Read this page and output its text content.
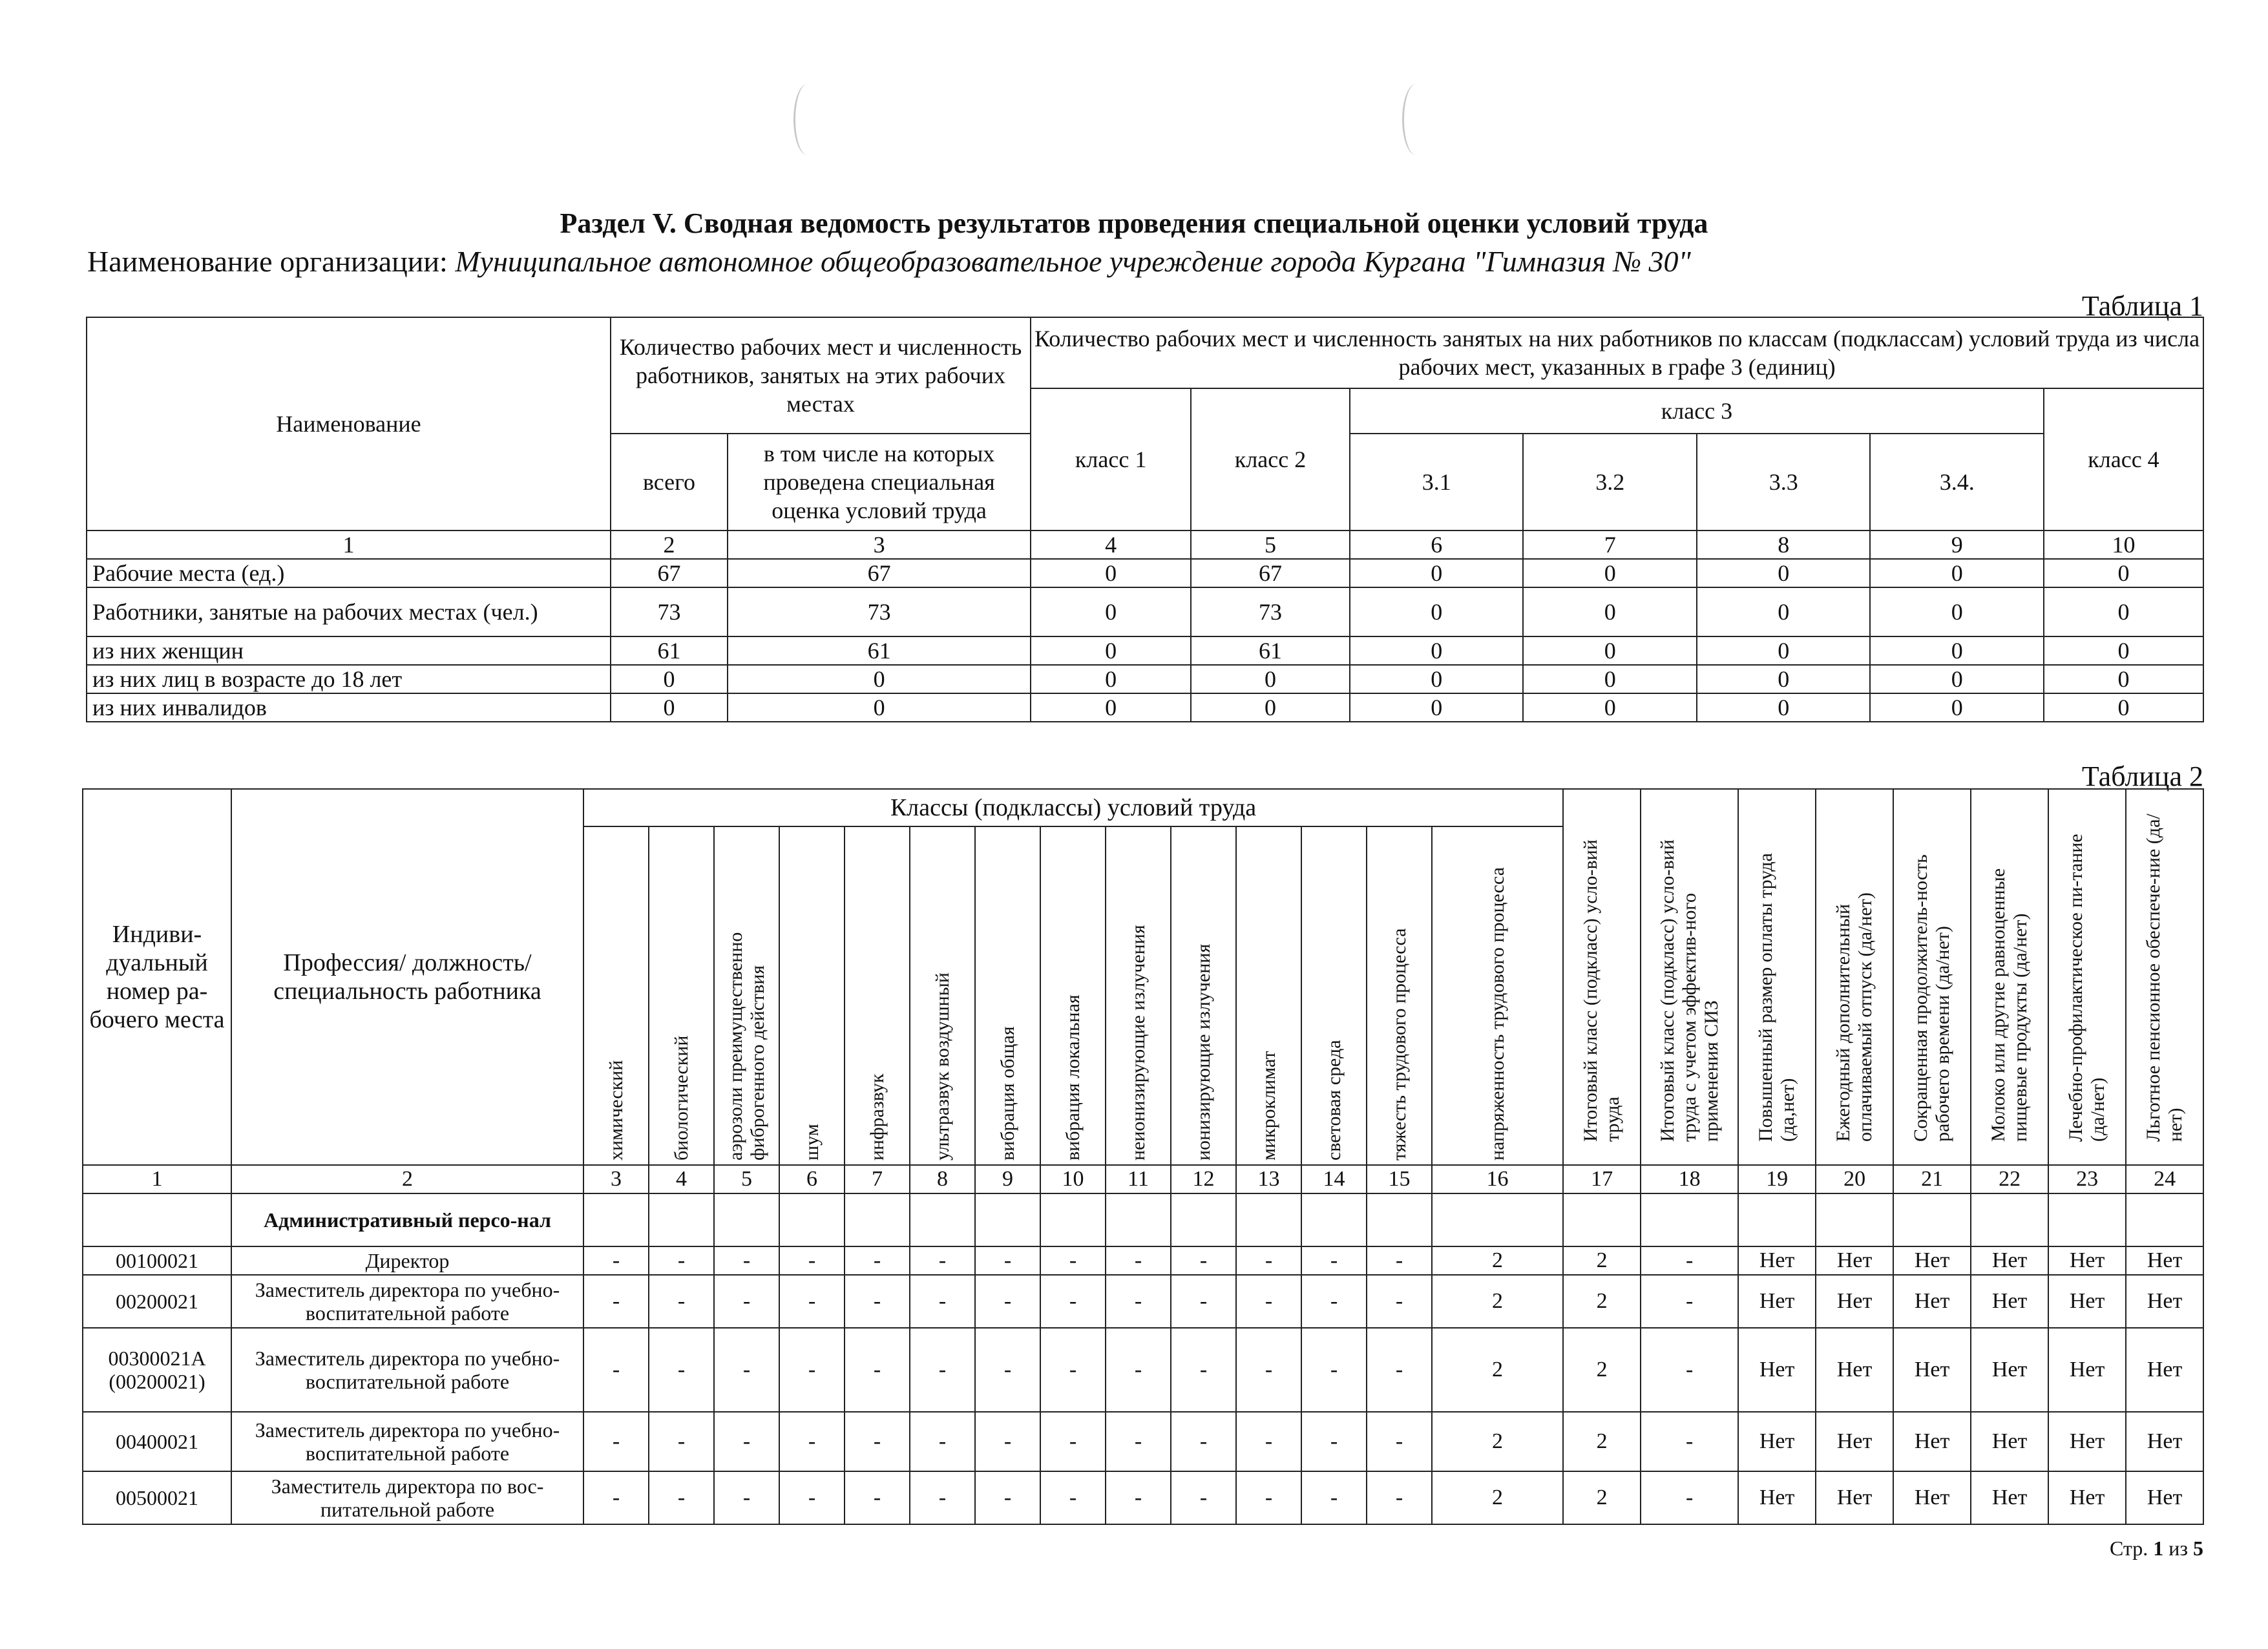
Раздел V. Сводная ведомость результатов проведения специальной оценки условий труда
Наименование организации: Муниципальное автономное общеобразовательное учреждение города Кургана "Гимназия № 30"
Таблица 1
Наименование	Количество рабочих мест и численность работников, занятых на этих рабочих местах		Количество рабочих мест и численность занятых на них работников по классам (подклассам) условий труда из числа рабочих мест, указанных в графе 3 (единиц)						
			класс 1	класс 2	класс 3				класс 4
	всего	в том числе на которых проведена специальная оценка условий труда			3.1	3.2	3.3	3.4.	
1	2	3	4	5	6	7	8	9	10
Рабочие места (ед.)	67	67	0	67	0	0	0	0	0
Работники, занятые на рабочих местах (чел.)	73	73	0	73	0	0	0	0	0
из них женщин	61	61	0	61	0	0	0	0	0
из них лиц в возрасте до 18 лет	0	0	0	0	0	0	0	0	0
из них инвалидов	0	0	0	0	0	0	0	0	0
Таблица 2
Индиви-дуальный номер ра-бочего места	Профессия/ должность/ специальность работника	Классы (подклассы) условий труда														Итоговый класс (подкласс) усло-вий труда	Итоговый класс (подкласс) усло-вий труда с учетом эффектив-ного применения СИЗ	Повышенный размер оплаты труда (да,нет)	Ежегодный дополнительный оплачиваемый отпуск (да/нет)	Сокращенная продолжитель-ность рабочего времени (да/нет)	Молоко или другие равноценные пищевые продукты (да/нет)	Лечебно-профилактическое пи-тание (да/нет)	Льготное пенсионное обеспече-ние (да/нет)

		химический	биологический	аэрозоли преимущественно фиброгенного действия	шум	инфразвук	ультразвук воздушный	вибрация общая	вибрация локальная	неионизирующие излучения	ионизирующие излучения	микроклимат	световая среда	тяжесть трудового процесса	напряженность трудового процесса								

1	2	3	4	5	6	7	8	9	10	11	12	13	14	15	16	17	18	19	20	21	22	23	24
	Административный персо-нал																						
00100021	Директор	-	-	-	-	-	-	-	-	-	-	-	-	-	2	2	-	Нет	Нет	Нет	Нет	Нет	Нет
00200021	Заместитель директора по учебно-воспитательной работе	-	-	-	-	-	-	-	-	-	-	-	-	-	2	2	-	Нет	Нет	Нет	Нет	Нет	Нет
00300021А (00200021)	Заместитель директора по учебно-воспитательной работе	-	-	-	-	-	-	-	-	-	-	-	-	-	2	2	-	Нет	Нет	Нет	Нет	Нет	Нет
00400021	Заместитель директора по учебно-воспитательной работе	-	-	-	-	-	-	-	-	-	-	-	-	-	2	2	-	Нет	Нет	Нет	Нет	Нет	Нет
00500021	Заместитель директора по вос-питательной работе	-	-	-	-	-	-	-	-	-	-	-	-	-	2	2	-	Нет	Нет	Нет	Нет	Нет	Нет
Стр. 1 из 5
